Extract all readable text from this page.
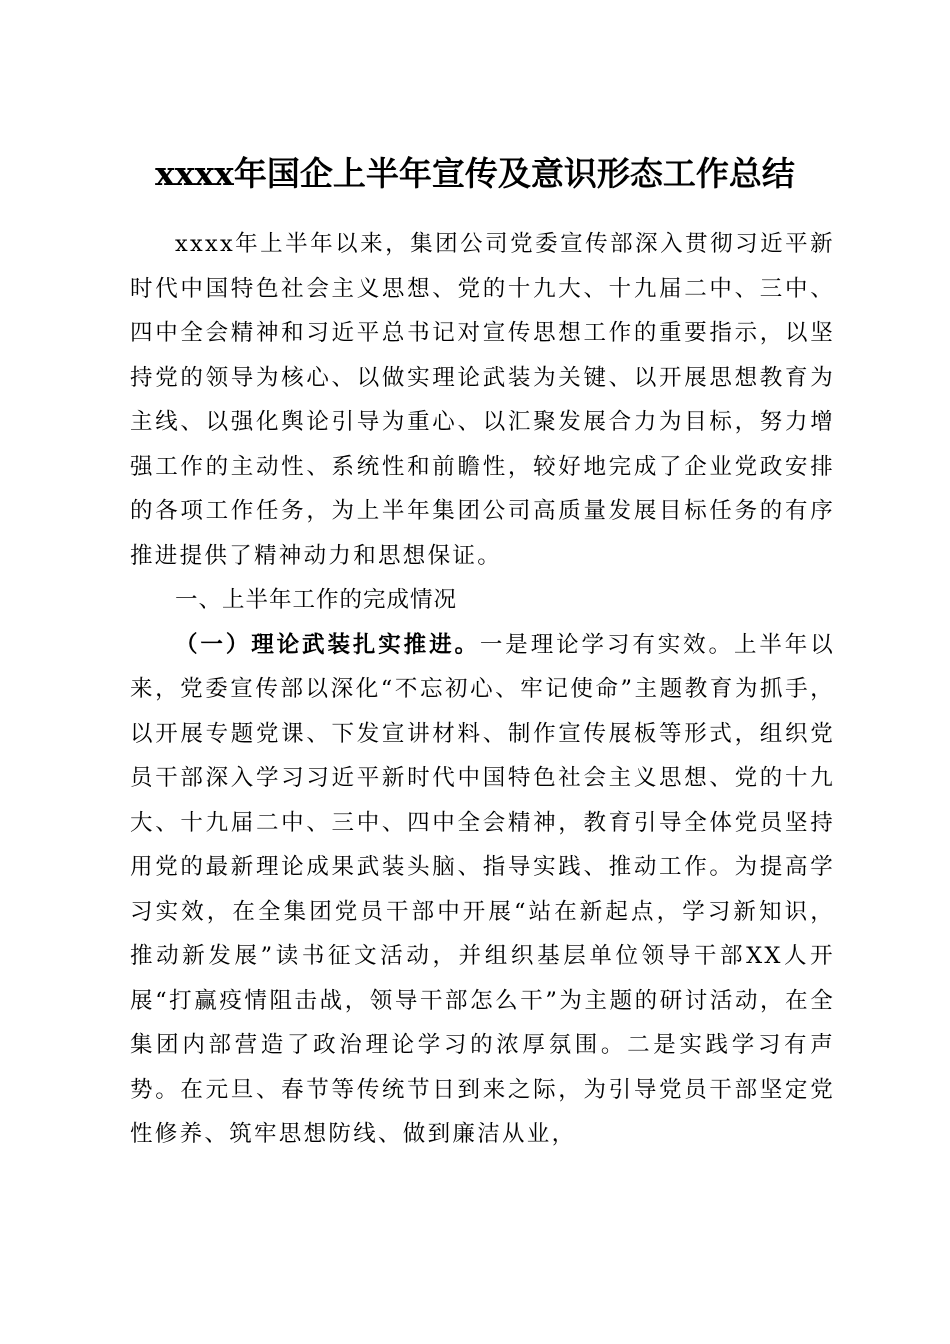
xxxx年国企上半年宣传及意识形态工作总结

xxxx年上半年以来，集团公司党委宣传部深入贯彻习近平新时代中国特色社会主义思想、党的十九大、十九届二中、三中、四中全会精神和习近平总书记对宣传思想工作的重要指示，以坚持党的领导为核心、以做实理论武装为关键、以开展思想教育为主线、以强化舆论引导为重心、以汇聚发展合力为目标，努力增强工作的主动性、系统性和前瞻性，较好地完成了企业党政安排的各项工作任务，为上半年集团公司高质量发展目标任务的有序推进提供了精神动力和思想保证。

一、上半年工作的完成情况

（一）理论武装扎实推进。一是理论学习有实效。上半年以来，党委宣传部以深化“不忘初心、牢记使命”主题教育为抓手，以开展专题党课、下发宣讲材料、制作宣传展板等形式，组织党员干部深入学习习近平新时代中国特色社会主义思想、党的十九大、十九届二中、三中、四中全会精神，教育引导全体党员坚持用党的最新理论成果武装头脑、指导实践、推动工作。为提高学习实效，在全集团党员干部中开展“站在新起点，学习新知识，推动新发展”读书征文活动，并组织基层单位领导干部XX人开展“打赢疫情阻击战，领导干部怎么干”为主题的研讨活动，在全集团内部营造了政治理论学习的浓厚氛围。二是实践学习有声势。在元旦、春节等传统节日到来之际，为引导党员干部坚定党性修养、筑牢思想防线、做到廉洁从业，
